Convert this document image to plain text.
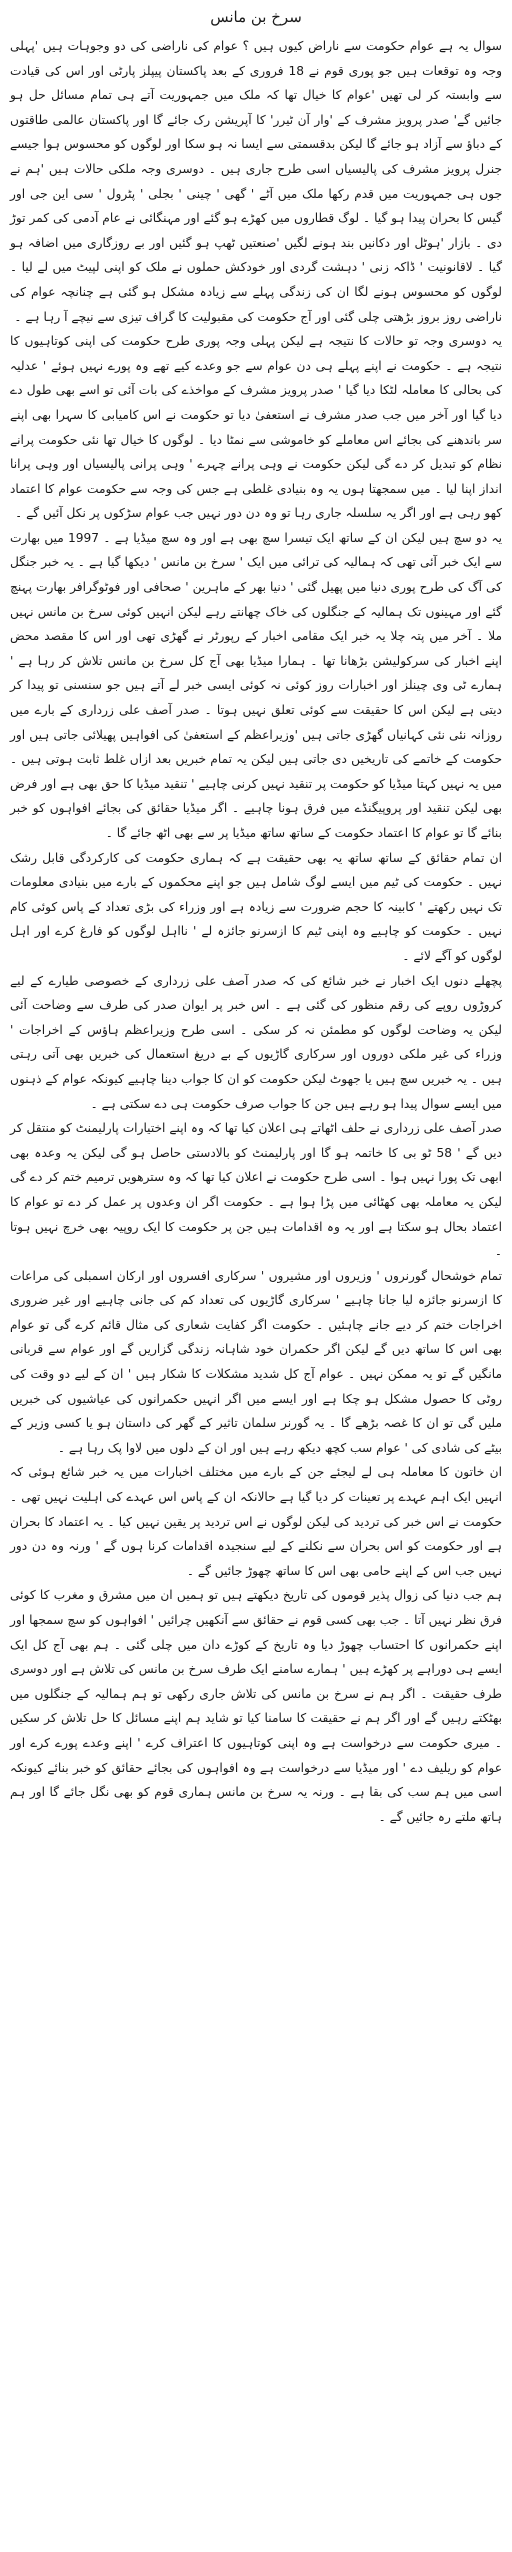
سرخ بن مانس

سوال یہ ہے عوام حکومت سے ناراض کیوں ہیں ؟ عوام کی ناراضی کی دو وجوہات ہیں 'پہلی وجہ وہ توقعات ہیں جو پوری قوم نے 18 فروری کے بعد پاکستان پیپلز پارٹی اور اس کی قیادت سے وابستہ کر لی تھیں 'عوام کا خیال تھا کہ ملک میں جمہوریت آتے ہی تمام مسائل حل ہو جائیں گے' صدر پرویز مشرف کے 'وار آن ٹیرر' کا آپریشن رک جائے گا اور پاکستان عالمی طاقتوں کے دباؤ سے آزاد ہو جائے گا لیکن بدقسمتی سے ایسا نہ ہو سکا اور لوگوں کو محسوس ہوا جیسے جنرل پرویز مشرف کی پالیسیاں اسی طرح جاری ہیں ۔ دوسری وجہ ملکی حالات ہیں 'ہم نے جوں ہی جمہوریت میں قدم رکھا ملک میں آٹے ' گھی ' چینی ' بجلی ' پٹرول ' سی این جی اور گیس کا بحران پیدا ہو گیا ۔ لوگ قطاروں میں کھڑے ہو گئے اور مہنگائی نے عام آدمی کی کمر توڑ دی ۔ بازار 'ہوٹل اور دکانیں بند ہونے لگیں 'صنعتیں ٹھپ ہو گئیں اور بے روزگاری میں اضافہ ہو گیا ۔ لاقانونیت ' ڈاکہ زنی ' دہشت گردی اور خودکش حملوں نے ملک کو اپنی لپیٹ میں لے لیا ۔ لوگوں کو محسوس ہونے لگا ان کی زندگی پہلے سے زیادہ مشکل ہو گئی ہے چنانچہ عوام کی ناراضی روز بروز بڑھتی چلی گئی اور آج حکومت کی مقبولیت کا گراف تیزی سے نیچے آ رہا ہے ۔

یہ دوسری وجہ تو حالات کا نتیجہ ہے لیکن پہلی وجہ پوری طرح حکومت کی اپنی کوتاہیوں کا نتیجہ ہے ۔ حکومت نے اپنے پہلے ہی دن عوام سے جو وعدے کیے تھے وہ پورے نہیں ہوئے ' عدلیہ کی بحالی کا معاملہ لٹکا دیا گیا ' صدر پرویز مشرف کے مواخذے کی بات آئی تو اسے بھی طول دے دیا گیا اور آخر میں جب صدر مشرف نے استعفیٰ دیا تو حکومت نے اس کامیابی کا سہرا بھی اپنے سر باندھنے کی بجائے اس معاملے کو خاموشی سے نمٹا دیا ۔ لوگوں کا خیال تھا نئی حکومت پرانے نظام کو تبدیل کر دے گی لیکن حکومت نے وہی پرانے چہرے ' وہی پرانی پالیسیاں اور وہی پرانا انداز اپنا لیا ۔ میں سمجھتا ہوں یہ وہ بنیادی غلطی ہے جس کی وجہ سے حکومت عوام کا اعتماد کھو رہی ہے اور اگر یہ سلسلہ جاری رہا تو وہ دن دور نہیں جب عوام سڑکوں پر نکل آئیں گے ۔

یہ دو سچ ہیں لیکن ان کے ساتھ ایک تیسرا سچ بھی ہے اور وہ سچ میڈیا ہے ۔ 1997 میں بھارت سے ایک خبر آئی تھی کہ ہمالیہ کی ترائی میں ایک ' سرخ بن مانس ' دیکھا گیا ہے ۔ یہ خبر جنگل کی آگ کی طرح پوری دنیا میں پھیل گئی ' دنیا بھر کے ماہرین ' صحافی اور فوٹوگرافر بھارت پہنچ گئے اور مہینوں تک ہمالیہ کے جنگلوں کی خاک چھانتے رہے لیکن انہیں کوئی سرخ بن مانس نہیں ملا ۔ آخر میں پتہ چلا یہ خبر ایک مقامی اخبار کے رپورٹر نے گھڑی تھی اور اس کا مقصد محض اپنے اخبار کی سرکولیشن بڑھانا تھا ۔ ہمارا میڈیا بھی آج کل سرخ بن مانس تلاش کر رہا ہے ' ہمارے ٹی وی چینلز اور اخبارات روز کوئی نہ کوئی ایسی خبر لے آتے ہیں جو سنسنی تو پیدا کر دیتی ہے لیکن اس کا حقیقت سے کوئی تعلق نہیں ہوتا ۔ صدر آصف علی زرداری کے بارے میں روزانہ نئی نئی کہانیاں گھڑی جاتی ہیں 'وزیراعظم کے استعفیٰ کی افواہیں پھیلائی جاتی ہیں اور حکومت کے خاتمے کی تاریخیں دی جاتی ہیں لیکن یہ تمام خبریں بعد ازاں غلط ثابت ہوتی ہیں ۔ میں یہ نہیں کہتا میڈیا کو حکومت پر تنقید نہیں کرنی چاہیے ' تنقید میڈیا کا حق بھی ہے اور فرض بھی لیکن تنقید اور پروپیگنڈے میں فرق ہونا چاہیے ۔ اگر میڈیا حقائق کی بجائے افواہوں کو خبر بنائے گا تو عوام کا اعتماد حکومت کے ساتھ ساتھ میڈیا پر سے بھی اٹھ جائے گا ۔

ان تمام حقائق کے ساتھ ساتھ یہ بھی حقیقت ہے کہ ہماری حکومت کی کارکردگی قابل رشک نہیں ۔ حکومت کی ٹیم میں ایسے لوگ شامل ہیں جو اپنے محکموں کے بارے میں بنیادی معلومات تک نہیں رکھتے ' کابینہ کا حجم ضرورت سے زیادہ ہے اور وزراء کی بڑی تعداد کے پاس کوئی کام نہیں ۔ حکومت کو چاہیے وہ اپنی ٹیم کا ازسرنو جائزہ لے ' نااہل لوگوں کو فارغ کرے اور اہل لوگوں کو آگے لائے ۔

پچھلے دنوں ایک اخبار نے خبر شائع کی کہ صدر آصف علی زرداری کے خصوصی طیارے کے لیے کروڑوں روپے کی رقم منظور کی گئی ہے ۔ اس خبر پر ایوان صدر کی طرف سے وضاحت آئی لیکن یہ وضاحت لوگوں کو مطمئن نہ کر سکی ۔ اسی طرح وزیراعظم ہاؤس کے اخراجات ' وزراء کی غیر ملکی دوروں اور سرکاری گاڑیوں کے بے دریغ استعمال کی خبریں بھی آتی رہتی ہیں ۔ یہ خبریں سچ ہیں یا جھوٹ لیکن حکومت کو ان کا جواب دینا چاہیے کیونکہ عوام کے ذہنوں میں ایسے سوال پیدا ہو رہے ہیں جن کا جواب صرف حکومت ہی دے سکتی ہے ۔

صدر آصف علی زرداری نے حلف اٹھاتے ہی اعلان کیا تھا کہ وہ اپنے اختیارات پارلیمنٹ کو منتقل کر دیں گے ' 58 ٹو بی کا خاتمہ ہو گا اور پارلیمنٹ کو بالادستی حاصل ہو گی لیکن یہ وعدہ بھی ابھی تک پورا نہیں ہوا ۔ اسی طرح حکومت نے اعلان کیا تھا کہ وہ سترھویں ترمیم ختم کر دے گی لیکن یہ معاملہ بھی کھٹائی میں پڑا ہوا ہے ۔ حکومت اگر ان وعدوں پر عمل کر دے تو عوام کا اعتماد بحال ہو سکتا ہے اور یہ وہ اقدامات ہیں جن پر حکومت کا ایک روپیہ بھی خرچ نہیں ہوتا ۔

تمام خوشحال گورنروں ' وزیروں اور مشیروں ' سرکاری افسروں اور ارکان اسمبلی کی مراعات کا ازسرنو جائزہ لیا جانا چاہیے ' سرکاری گاڑیوں کی تعداد کم کی جانی چاہیے اور غیر ضروری اخراجات ختم کر دیے جانے چاہئیں ۔ حکومت اگر کفایت شعاری کی مثال قائم کرے گی تو عوام بھی اس کا ساتھ دیں گے لیکن اگر حکمران خود شاہانہ زندگی گزاریں گے اور عوام سے قربانی مانگیں گے تو یہ ممکن نہیں ۔ عوام آج کل شدید مشکلات کا شکار ہیں ' ان کے لیے دو وقت کی روٹی کا حصول مشکل ہو چکا ہے اور ایسے میں اگر انہیں حکمرانوں کی عیاشیوں کی خبریں ملیں گی تو ان کا غصہ بڑھے گا ۔ یہ گورنر سلمان تاثیر کے گھر کی داستان ہو یا کسی وزیر کے بیٹے کی شادی کی ' عوام سب کچھ دیکھ رہے ہیں اور ان کے دلوں میں لاوا پک رہا ہے ۔

ان خاتون کا معاملہ ہی لے لیجئے جن کے بارے میں مختلف اخبارات میں یہ خبر شائع ہوئی کہ انہیں ایک اہم عہدے پر تعینات کر دیا گیا ہے حالانکہ ان کے پاس اس عہدے کی اہلیت نہیں تھی ۔ حکومت نے اس خبر کی تردید کی لیکن لوگوں نے اس تردید پر یقین نہیں کیا ۔ یہ اعتماد کا بحران ہے اور حکومت کو اس بحران سے نکلنے کے لیے سنجیدہ اقدامات کرنا ہوں گے ' ورنہ وہ دن دور نہیں جب اس کے اپنے حامی بھی اس کا ساتھ چھوڑ جائیں گے ۔

ہم جب دنیا کی زوال پذیر قوموں کی تاریخ دیکھتے ہیں تو ہمیں ان میں مشرق و مغرب کا کوئی فرق نظر نہیں آتا ۔ جب بھی کسی قوم نے حقائق سے آنکھیں چرائیں ' افواہوں کو سچ سمجھا اور اپنے حکمرانوں کا احتساب چھوڑ دیا وہ تاریخ کے کوڑے دان میں چلی گئی ۔ ہم بھی آج کل ایک ایسے ہی دوراہے پر کھڑے ہیں ' ہمارے سامنے ایک طرف سرخ بن مانس کی تلاش ہے اور دوسری طرف حقیقت ۔ اگر ہم نے سرخ بن مانس کی تلاش جاری رکھی تو ہم ہمالیہ کے جنگلوں میں بھٹکتے رہیں گے اور اگر ہم نے حقیقت کا سامنا کیا تو شاید ہم اپنے مسائل کا حل تلاش کر سکیں ۔ میری حکومت سے درخواست ہے وہ اپنی کوتاہیوں کا اعتراف کرے ' اپنے وعدے پورے کرے اور عوام کو ریلیف دے ' اور میڈیا سے درخواست ہے وہ افواہوں کی بجائے حقائق کو خبر بنائے کیونکہ اسی میں ہم سب کی بقا ہے ۔ ورنہ یہ سرخ بن مانس ہماری قوم کو بھی نگل جائے گا اور ہم ہاتھ ملتے رہ جائیں گے ۔
